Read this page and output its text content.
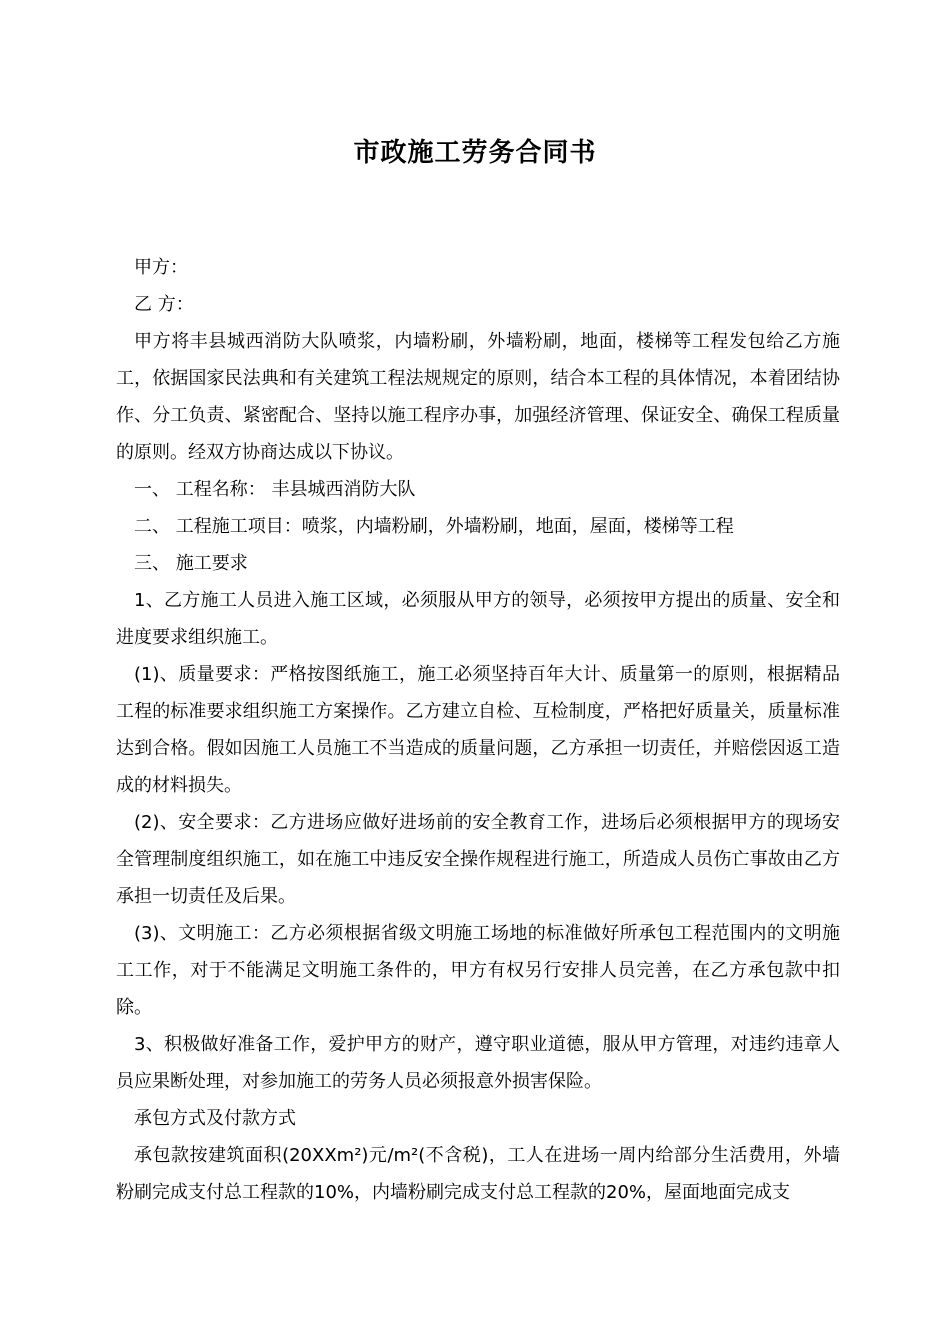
市政施工劳务合同书

甲方：

乙 方：

甲方将丰县城西消防大队喷浆，内墙粉刷，外墙粉刷，地面，楼梯等工程发包给乙方施工，依据国家民法典和有关建筑工程法规规定的原则，结合本工程的具体情况，本着团结协作、分工负责、紧密配合、坚持以施工程序办事，加强经济管理、保证安全、确保工程质量的原则。经双方协商达成以下协议。

一、 工程名称： 丰县城西消防大队

二、 工程施工项目：喷浆，内墙粉刷，外墙粉刷，地面，屋面，楼梯等工程

三、 施工要求

1、乙方施工人员进入施工区域，必须服从甲方的领导，必须按甲方提出的质量、安全和进度要求组织施工。

(1)、质量要求：严格按图纸施工，施工必须坚持百年大计、质量第一的原则，根据精品工程的标准要求组织施工方案操作。乙方建立自检、互检制度，严格把好质量关，质量标准达到合格。假如因施工人员施工不当造成的质量问题，乙方承担一切责任，并赔偿因返工造成的材料损失。

(2)、安全要求：乙方进场应做好进场前的安全教育工作，进场后必须根据甲方的现场安全管理制度组织施工，如在施工中违反安全操作规程进行施工，所造成人员伤亡事故由乙方承担一切责任及后果。

(3)、文明施工：乙方必须根据省级文明施工场地的标准做好所承包工程范围内的文明施工工作，对于不能满足文明施工条件的，甲方有权另行安排人员完善，在乙方承包款中扣除。

3、积极做好准备工作，爱护甲方的财产，遵守职业道德，服从甲方管理，对违约违章人员应果断处理，对参加施工的劳务人员必须报意外损害保险。

承包方式及付款方式

承包款按建筑面积(20XXm²)元/m²(不含税)，工人在进场一周内给部分生活费用，外墙粉刷完成支付总工程款的10%，内墙粉刷完成支付总工程款的20%，屋面地面完成支
